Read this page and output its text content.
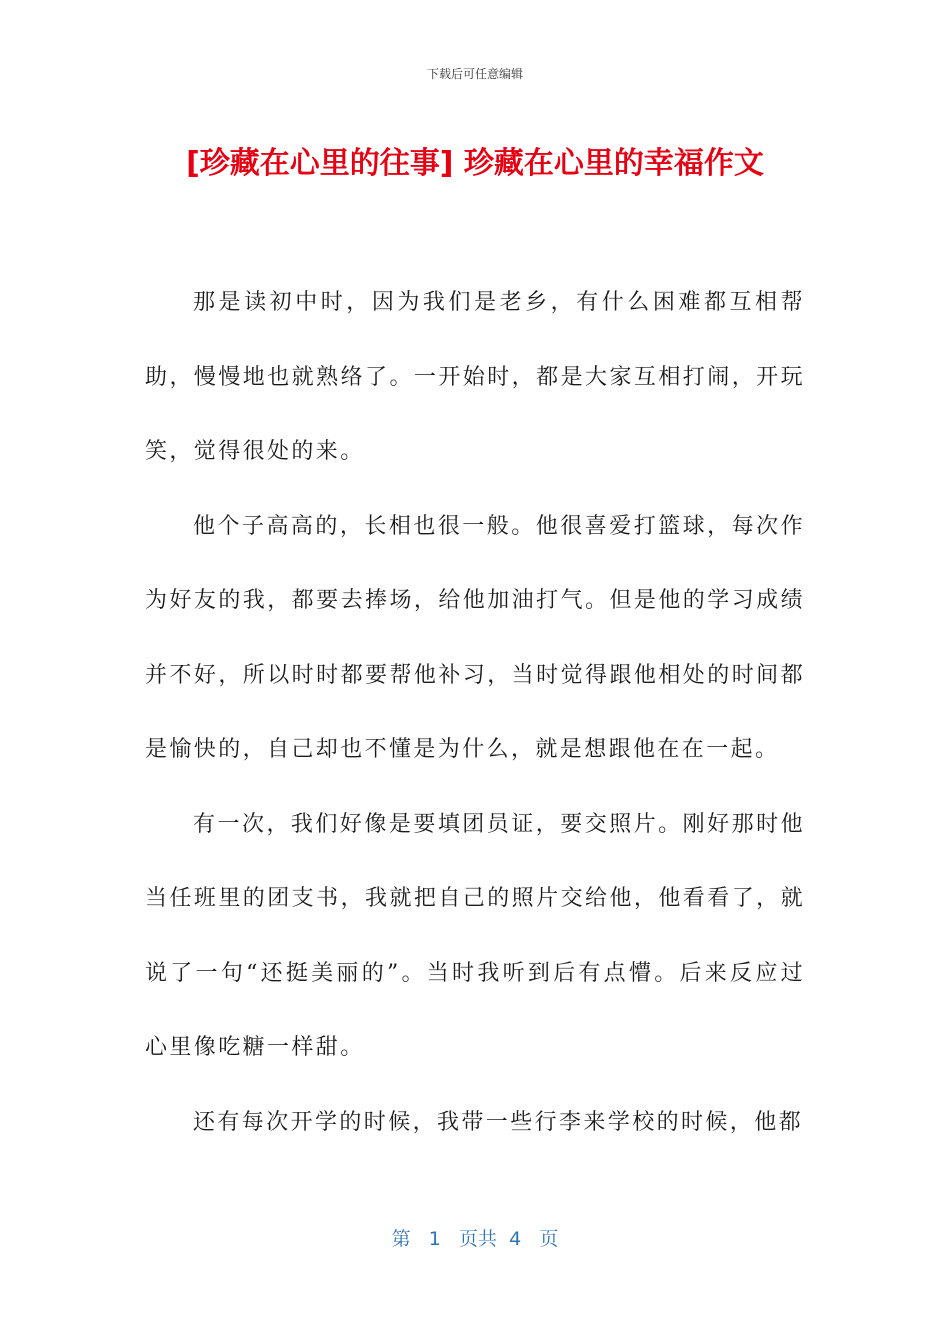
下载后可任意编辑
[珍藏在心里的往事] 珍藏在心里的幸福作文

那是读初中时，因为我们是老乡，有什么困难都互相帮助，慢慢地也就熟络了。一开始时，都是大家互相打闹，开玩笑，觉得很处的来。

他个子高高的，长相也很一般。他很喜爱打篮球，每次作为好友的我，都要去捧场，给他加油打气。但是他的学习成绩并不好，所以时时都要帮他补习，当时觉得跟他相处的时间都是愉快的，自己却也不懂是为什么，就是想跟他在在一起。

有一次，我们好像是要填团员证，要交照片。刚好那时他当任班里的团支书，我就把自己的照片交给他，他看看了，就说了一句“还挺美丽的”。当时我听到后有点懵。后来反应过心里像吃糖一样甜。

还有每次开学的时候，我带一些行李来学校的时候，他都

第 1 页共 4 页
